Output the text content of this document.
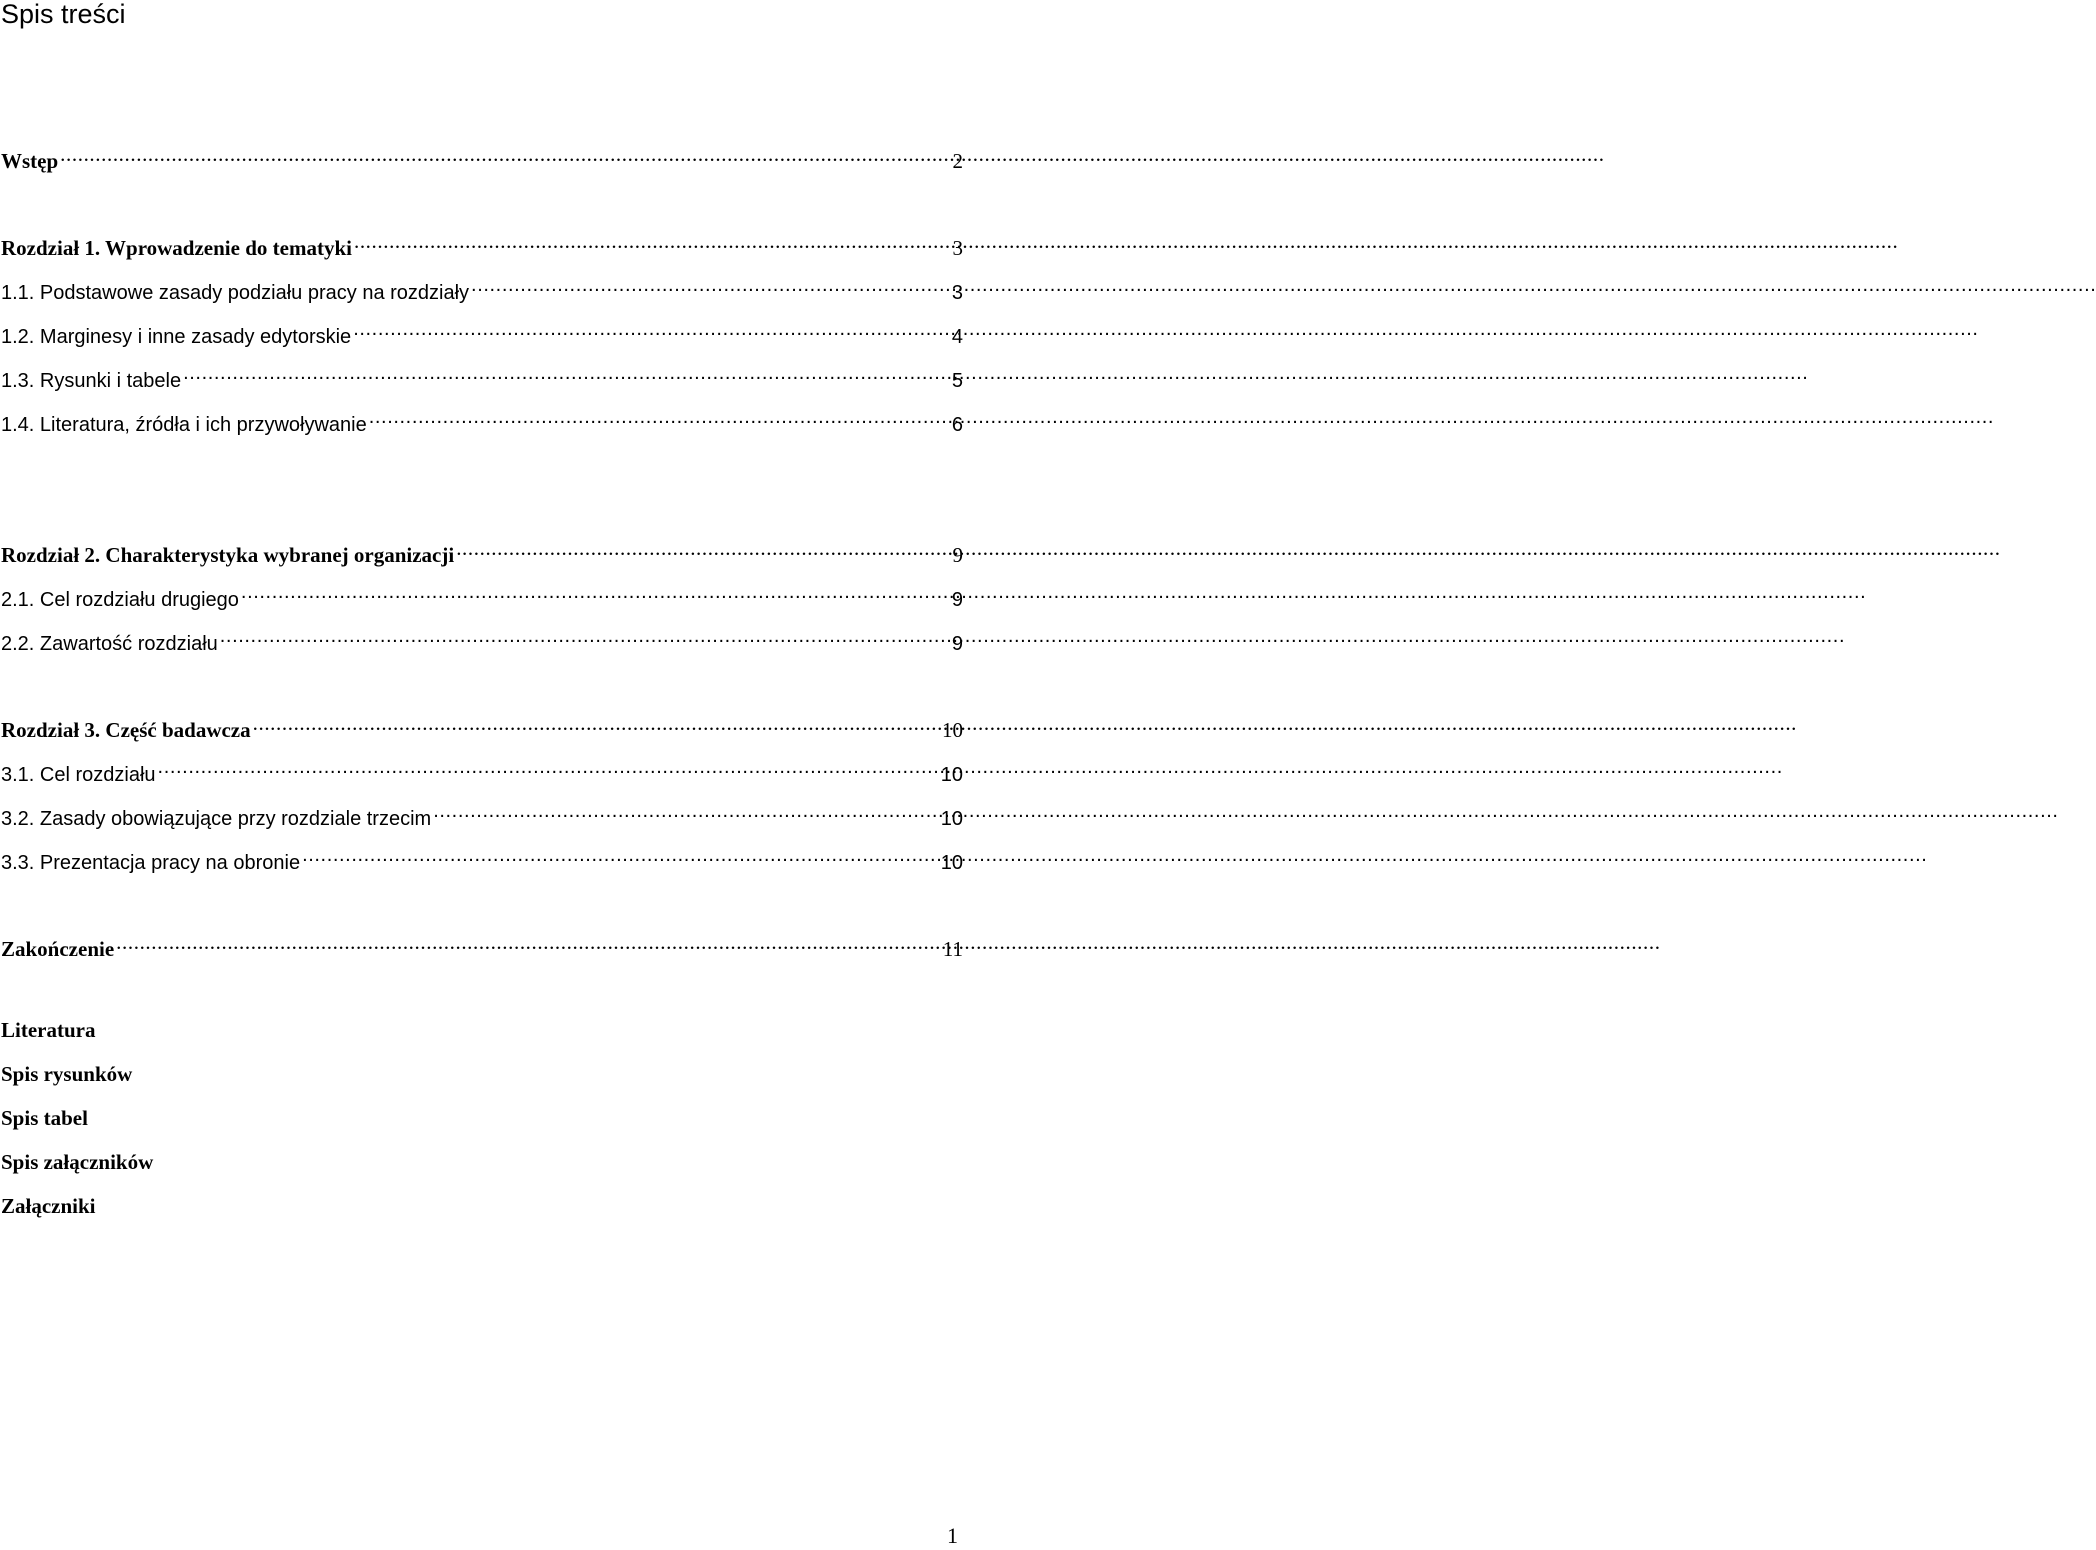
Spis treści
Wstęp .....	2
Rozdział 1. Wprowadzenie do tematyki .....	3
1.1. Podstawowe zasady podziału pracy na rozdziały .....	3
1.2. Marginesy i inne zasady edytorskie .....	4
1.3. Rysunki i tabele .....	5
1.4. Literatura, źródła i ich przywoływanie .....	6
Rozdział 2. Charakterystyka wybranej organizacji .....	9
2.1. Cel rozdziału drugiego .....	9
2.2. Zawartość rozdziału .....	9
Rozdział 3. Część badawcza .....	10
3.1. Cel rozdziału .....	10
3.2. Zasady obowiązujące przy rozdziale trzecim .....	10
3.3. Prezentacja pracy na obronie .....	10
Zakończenie .....	11
Literatura
Spis rysunków
Spis tabel
Spis załączników
Załączniki
1
